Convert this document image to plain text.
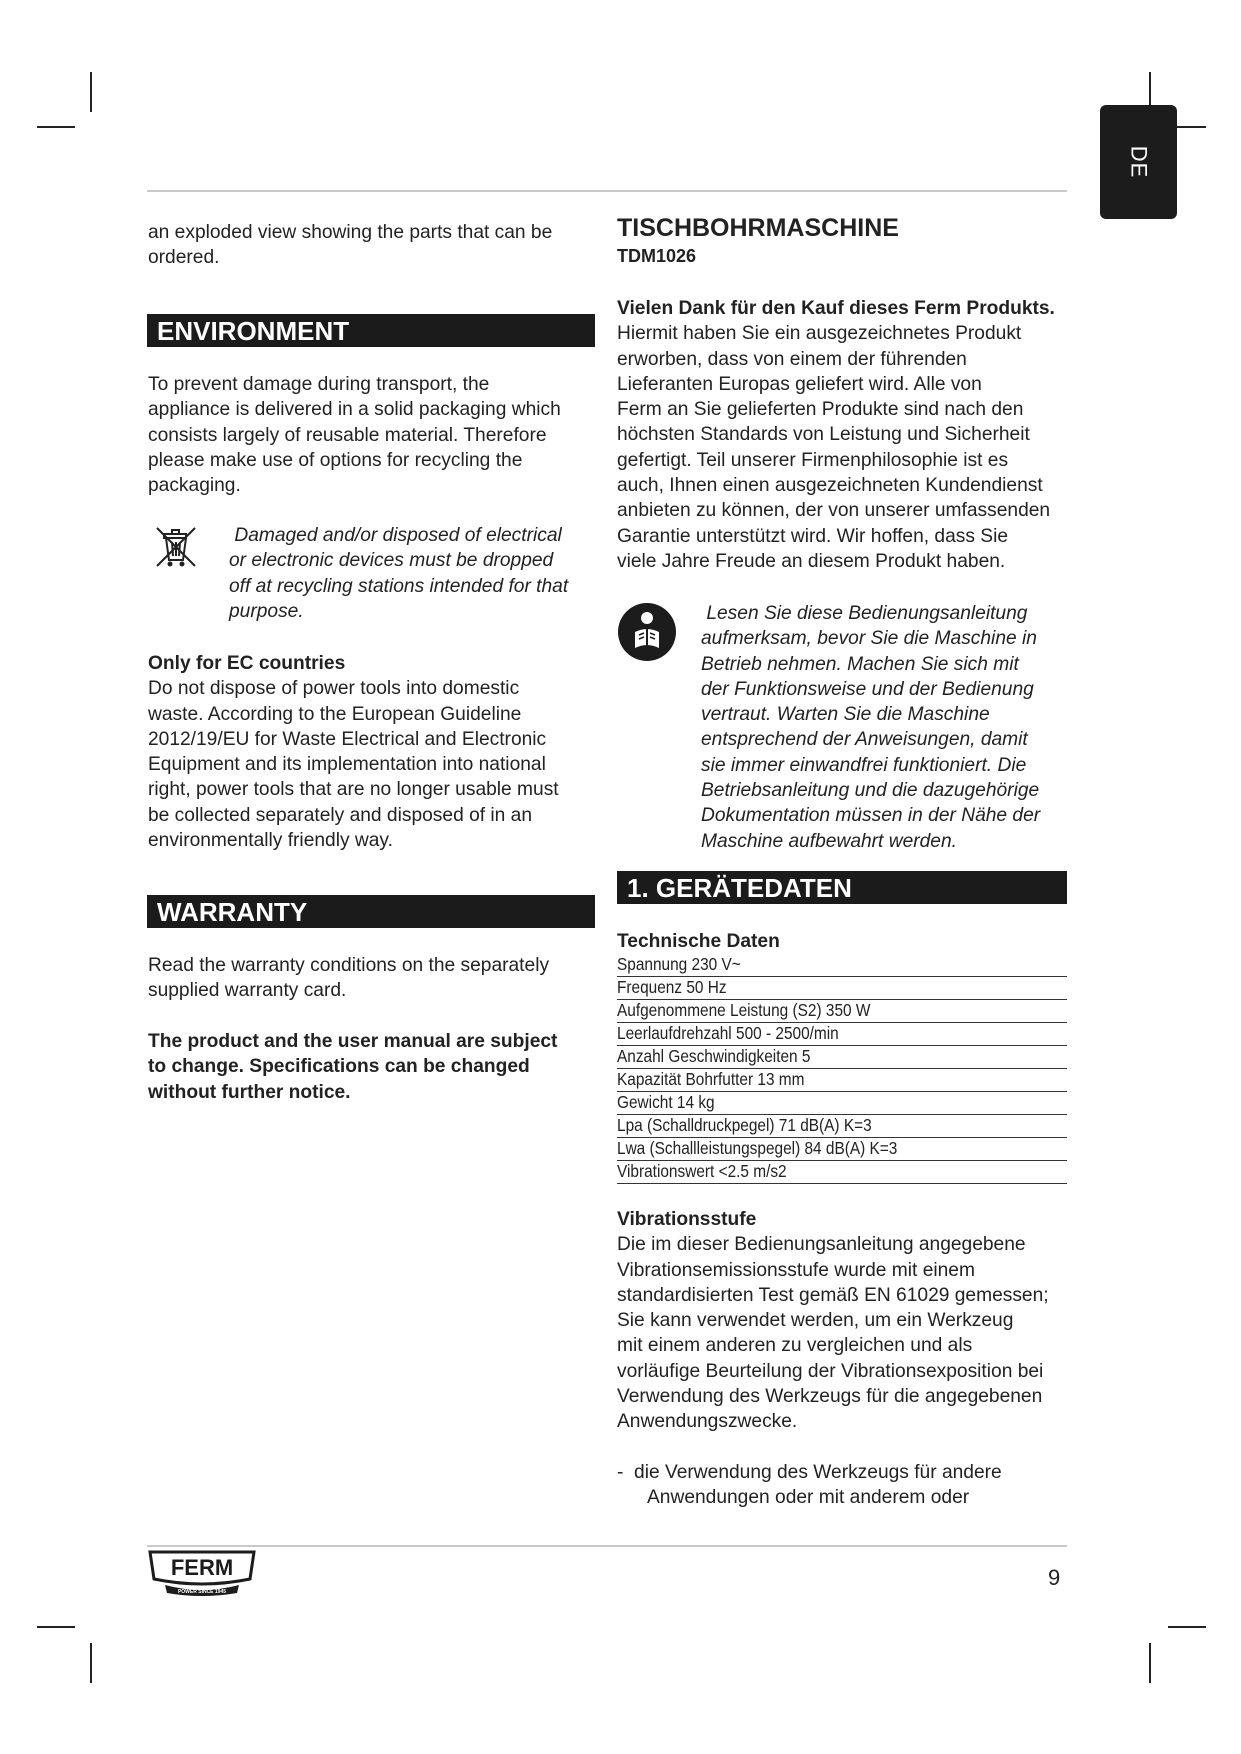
DE
an exploded view showing the parts that can be
ordered.
ENVIRONMENT
To prevent damage during transport, the
appliance is delivered in a solid packaging which
consists largely of reusable material. Therefore
please make use of options for recycling the
packaging.
Damaged and/or disposed of electrical
or electronic devices must be dropped
off at recycling stations intended for that
purpose.
Only for EC countries
Do not dispose of power tools into domestic
waste. According to the European Guideline
2012/19/EU for Waste Electrical and Electronic
Equipment and its implementation into national
right, power tools that are no longer usable must
be collected separately and disposed of in an
environmentally friendly way.
WARRANTY
Read the warranty conditions on the separately
supplied warranty card.
The product and the user manual are subject
to change. Specifications can be changed
without further notice.
TISCHBOHRMASCHINE
TDM1026
Vielen Dank für den Kauf dieses Ferm Produkts.
Hiermit haben Sie ein ausgezeichnetes Produkt
erworben, dass von einem der führenden
Lieferanten Europas geliefert wird. Alle von
Ferm an Sie gelieferten Produkte sind nach den
höchsten Standards von Leistung und Sicherheit
gefertigt. Teil unserer Firmenphilosophie ist es
auch, Ihnen einen ausgezeichneten Kundendienst
anbieten zu können, der von unserer umfassenden
Garantie unterstützt wird. Wir hoffen, dass Sie
viele Jahre Freude an diesem Produkt haben.
Lesen Sie diese Bedienungsanleitung
aufmerksam, bevor Sie die Maschine in
Betrieb nehmen. Machen Sie sich mit
der Funktionsweise und der Bedienung
vertraut. Warten Sie die Maschine
entsprechend der Anweisungen, damit
sie immer einwandfrei funktioniert. Die
Betriebsanleitung und die dazugehörige
Dokumentation müssen in der Nähe der
Maschine aufbewahrt werden.
1. GERÄTEDATEN
Technische Daten
Spannung 230 V~
Frequenz 50 Hz
Aufgenommene Leistung (S2) 350 W
Leerlaufdrehzahl 500 - 2500/min
Anzahl Geschwindigkeiten 5
Kapazität Bohrfutter 13 mm
Gewicht 14 kg
Lpa (Schalldruckpegel) 71 dB(A) K=3
Lwa (Schallleistungspegel) 84 dB(A) K=3
Vibrationswert <2.5 m/s2
Vibrationsstufe
Die im dieser Bedienungsanleitung angegebene
Vibrationsemissionsstufe wurde mit einem
standardisierten Test gemäß EN 61029 gemessen;
Sie kann verwendet werden, um ein Werkzeug
mit einem anderen zu vergleichen und als
vorläufige Beurteilung der Vibrationsexposition bei
Verwendung des Werkzeugs für die angegebenen
Anwendungszwecke.
-  die Verwendung des Werkzeugs für andere
Anwendungen oder mit anderem oder
FERM
POWER SINCE 1945
9
